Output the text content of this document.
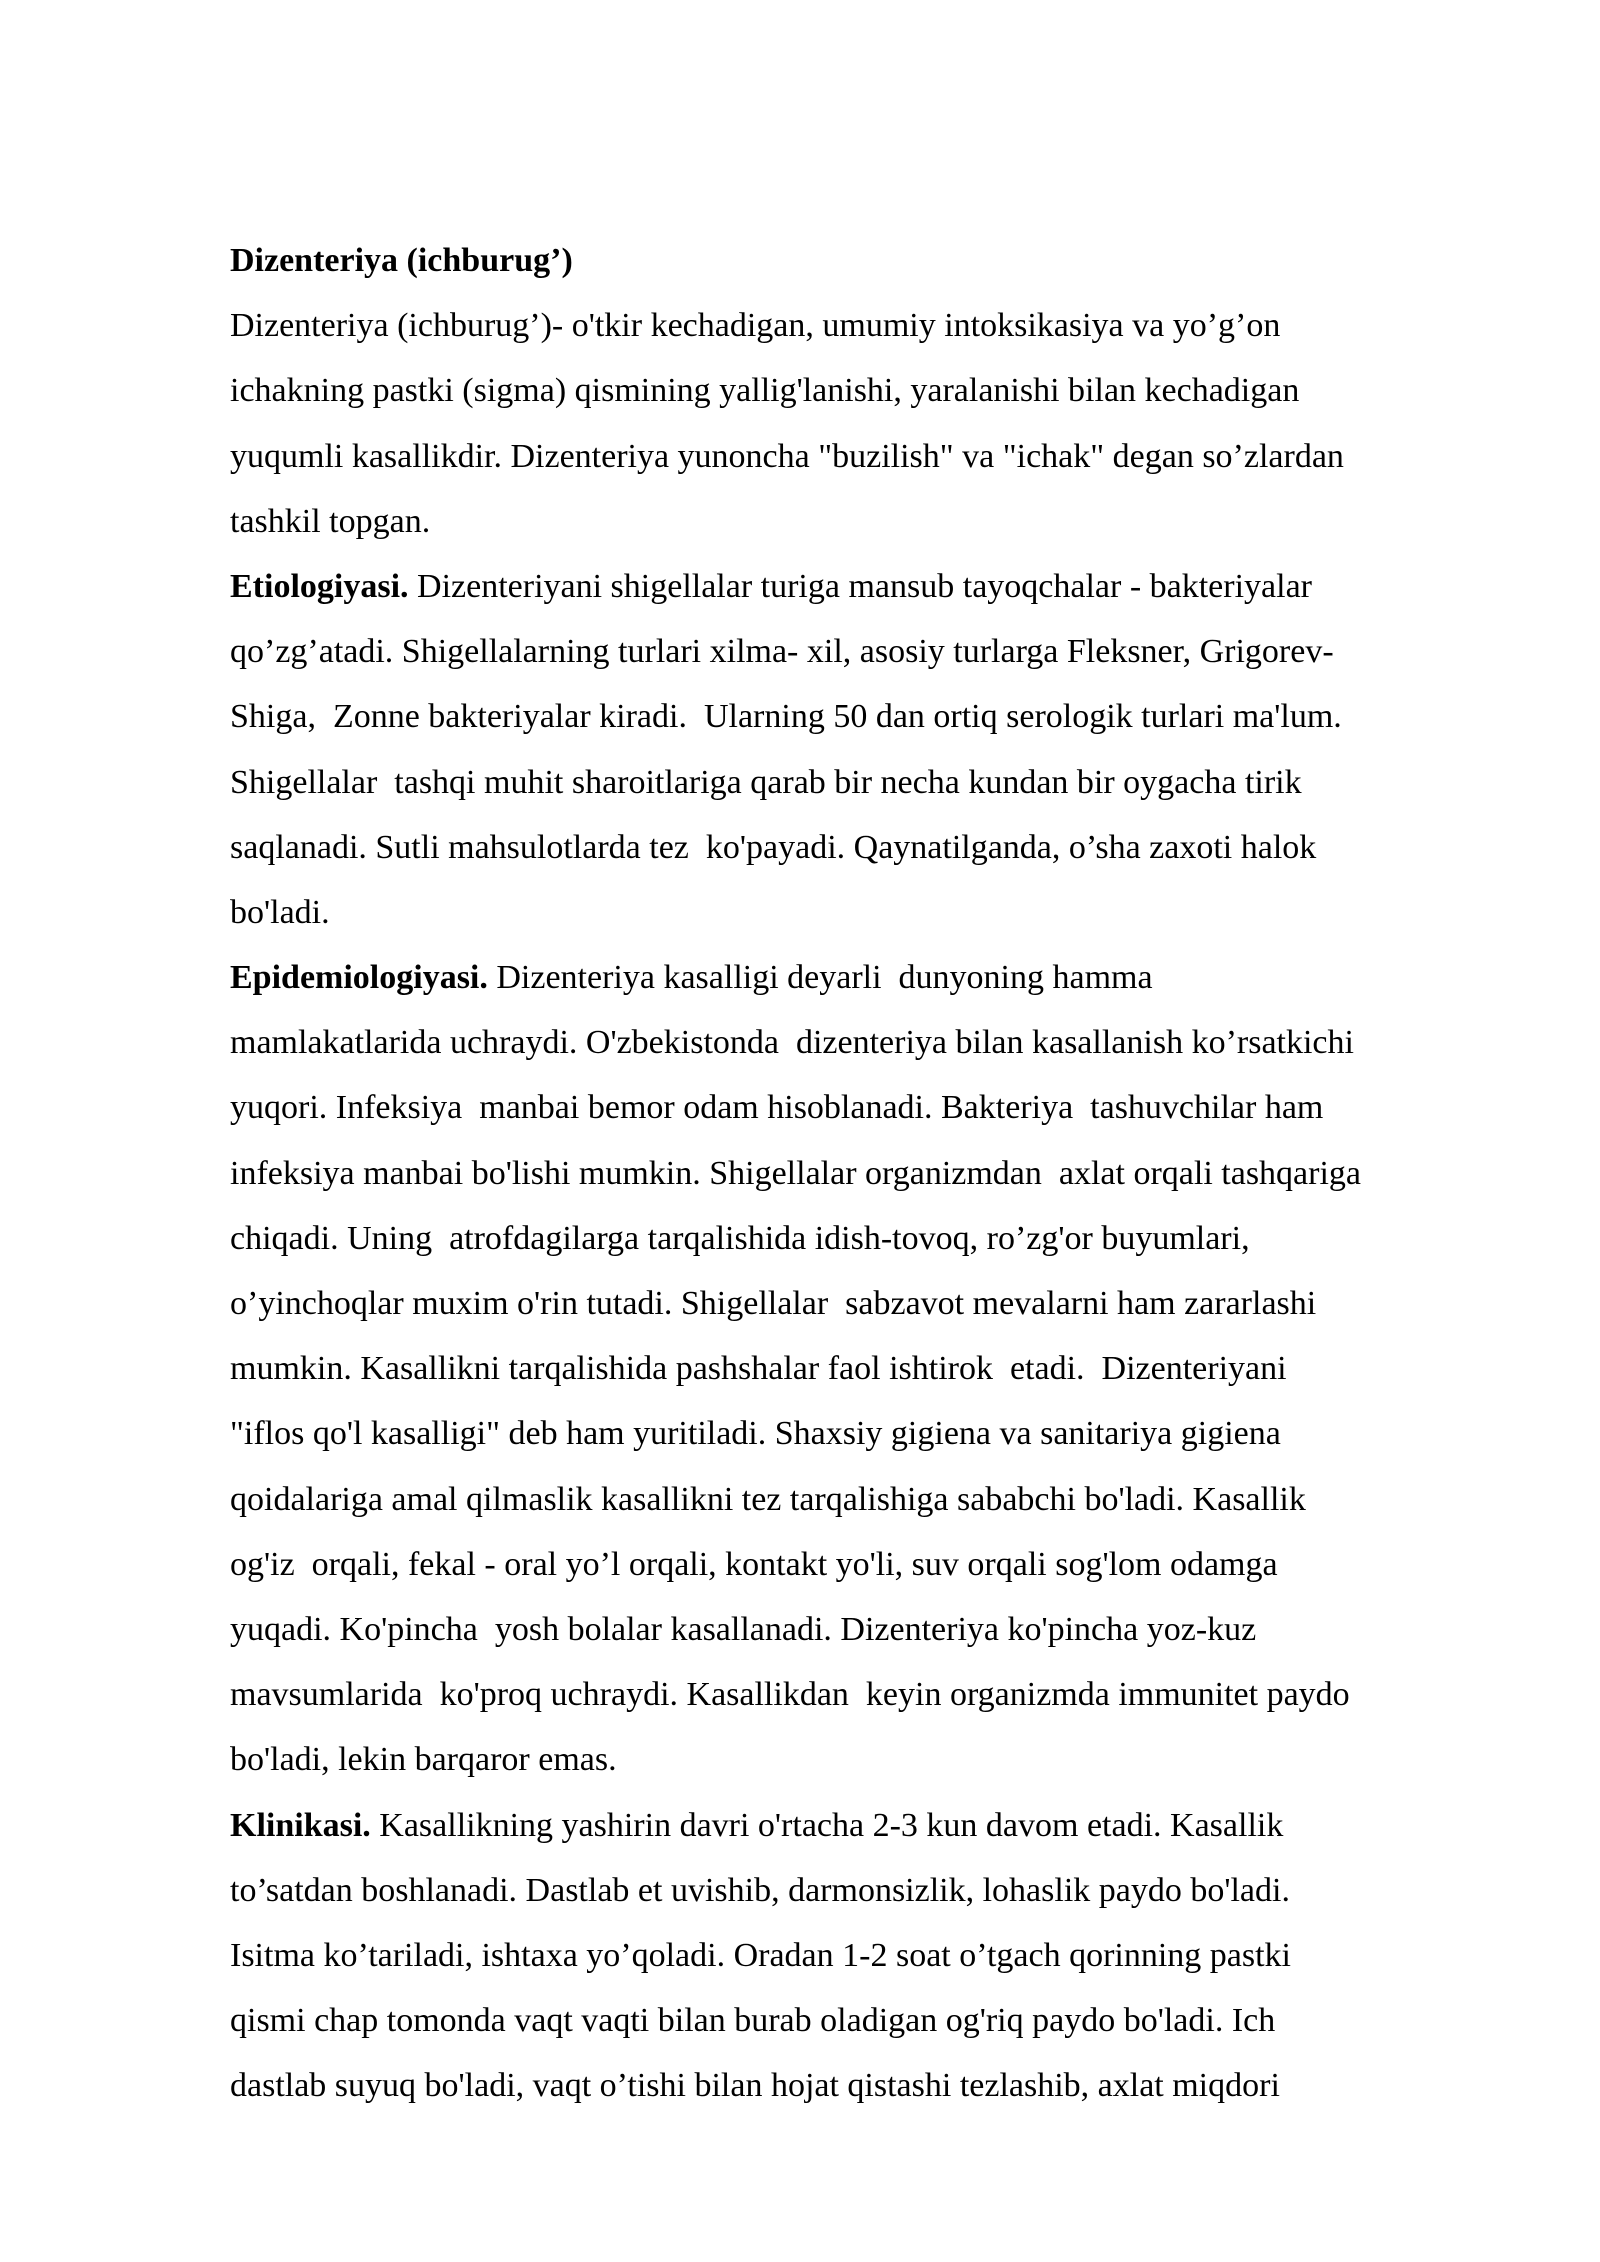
Dizenteriya (ichburug’)
Dizenteriya (ichburug’)- o'tkir kechadigan, umumiy intoksikasiya va yo’g’on
ichakning pastki (sigma) qismining yallig'lanishi, yaralanishi bilan kechadigan
yuqumli kasallikdir. Dizenteriya yunoncha "buzilish" va "ichak" degan so’zlardan
tashkil topgan.
Etiologiyasi. Dizenteriyani shigellalar turiga mansub tayoqchalar - bakteriyalar
qo’zg’atadi. Shigellalarning turlari xilma- xil, asosiy turlarga Fleksner, Grigorev-
Shiga,  Zonne bakteriyalar kiradi.  Ularning 50 dan ortiq serologik turlari ma'lum.
Shigellalar  tashqi muhit sharoitlariga qarab bir necha kundan bir oygacha tirik
saqlanadi. Sutli mahsulotlarda tez  ko'payadi. Qaynatilganda, o’sha zaxoti halok
bo'ladi.
Epidemiologiyasi. Dizenteriya kasalligi deyarli  dunyoning hamma
mamlakatlarida uchraydi. O'zbekistonda  dizenteriya bilan kasallanish ko’rsatkichi
yuqori. Infeksiya  manbai bemor odam hisoblanadi. Bakteriya  tashuvchilar ham
infeksiya manbai bo'lishi mumkin. Shigellalar organizmdan  axlat orqali tashqariga
chiqadi. Uning  atrofdagilarga tarqalishida idish-tovoq, ro’zg'or buyumlari,
o’yinchoqlar muxim o'rin tutadi. Shigellalar  sabzavot mevalarni ham zararlashi
mumkin. Kasallikni tarqalishida pashshalar faol ishtirok  etadi.  Dizenteriyani
"iflos qo'l kasalligi" deb ham yuritiladi. Shaxsiy gigiena va sanitariya gigiena
qoidalariga amal qilmaslik kasallikni tez tarqalishiga sababchi bo'ladi. Kasallik
og'iz  orqali, fekal - oral yo’l orqali, kontakt yo'li, suv orqali sog'lom odamga
yuqadi. Ko'pincha  yosh bolalar kasallanadi. Dizenteriya ko'pincha yoz-kuz
mavsumlarida  ko'proq uchraydi. Kasallikdan  keyin organizmda immunitet paydo
bo'ladi, lekin barqaror emas.
Klinikasi. Kasallikning yashirin davri o'rtacha 2-3 kun davom etadi. Kasallik
to’satdan boshlanadi. Dastlab et uvishib, darmonsizlik, lohaslik paydo bo'ladi.
Isitma ko’tariladi, ishtaxa yo’qoladi. Oradan 1-2 soat o’tgach qorinning pastki
qismi chap tomonda vaqt vaqti bilan burab oladigan og'riq paydo bo'ladi. Ich
dastlab suyuq bo'ladi, vaqt o’tishi bilan hojat qistashi tezlashib, axlat miqdori
